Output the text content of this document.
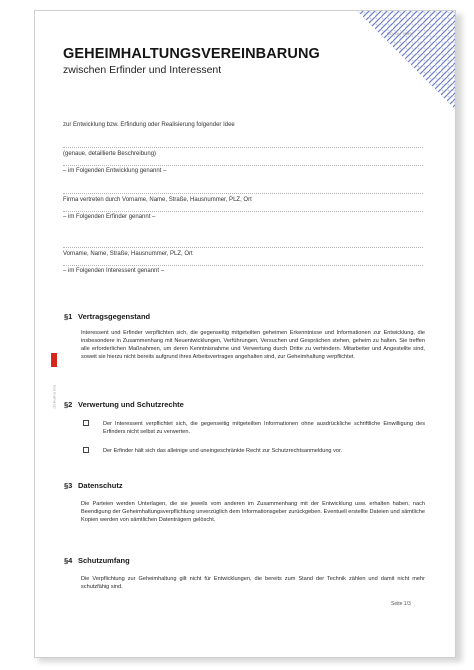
DO. DL. 3089
GEHEIMHALTUNGSVEREINBARUNG
zwischen Erfinder und Interessent
zur Entwicklung bzw. Erfindung oder Realisierung folgender Idee
(genaue, detaillierte Beschreibung)
– im Folgenden Entwicklung genannt –
Firma vertreten durch Vorname, Name, Straße, Hausnummer, PLZ, Ort
– im Folgenden Erfinder genannt –
Vorname, Name, Straße, Hausnummer, PLZ, Ort
– im Folgenden Interessent genannt –
dokumente
§1 Vertragsgegenstand
Interessent und Erfinder verpflichten sich, die gegenseitig mitgeteilten geheimen Erkenntnisse und Informationen zur Entwicklung, die insbesondere in Zusammenhang mit Neuentwicklungen, Verführungen, Versuchen und Gesprächen stehen, geheim zu halten. Sie treffen alle erforderlichen Maßnahmen, um deren Kenntnisnahme und Verwertung durch Dritte zu verhindern. Mitarbeiter und Angestellte sind, soweit sie hierzu nicht bereits aufgrund ihres Arbeitsvertrages angehalten sind, zur Geheimhaltung verpflichtet.
§2 Verwertung und Schutzrechte
Der Interessent verpflichtet sich, die gegenseitig mitgeteilten Informationen ohne ausdrückliche schriftliche Einwilligung des Erfinders nicht selbst zu verwerten.
Der Erfinder hält sich das alleinige und uneingeschränkte Recht zur Schutzrechtsanmeldung vor.
§3 Datenschutz
Die Parteien werden Unterlagen, die sie jeweils vom anderen im Zusammenhang mit der Entwicklung usw. erhalten haben, nach Beendigung der Geheimhaltungsverpflichtung unverzüglich dem Informationsgeber zurückgeben. Eventuell erstellte Dateien und sämtliche Kopien werden von sämtlichen Datenträgern gelöscht.
§4 Schutzumfang
Die Verpflichtung zur Geheimhaltung gilt nicht für Entwicklungen, die bereits zum Stand der Technik zählen und damit nicht mehr schutzfähig sind.
Seite 1/3
